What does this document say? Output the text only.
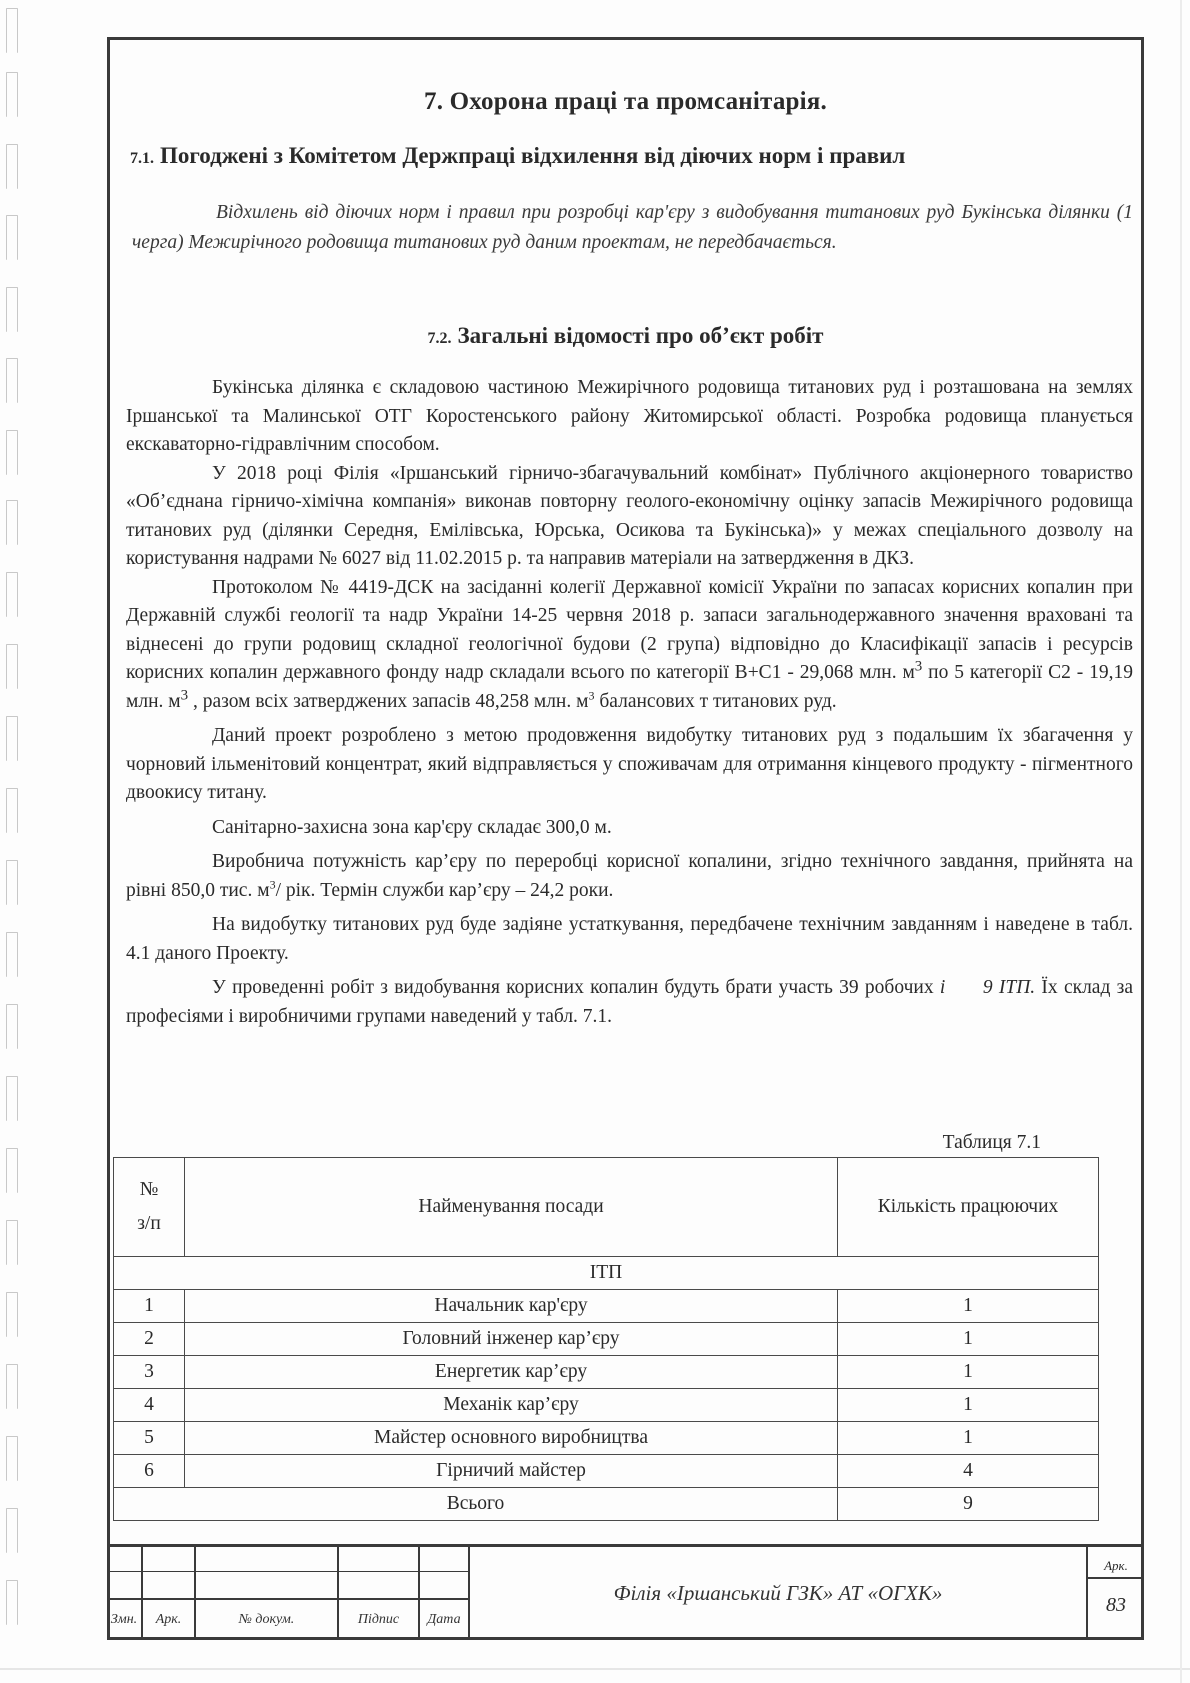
7. Охорона праці та промсанітарія.
7.1. Погоджені з Комітетом Держпраці відхилення від діючих норм і правил
Відхилень від діючих норм і правил при розробці кар'єру з видобування титанових руд Букінська ділянки (1 черга) Межирічного родовища титанових руд даним проектам, не передбачається.
7.2. Загальні відомості про об’єкт робіт

Букінська ділянка є складовою частиною Межирічного родовища титанових руд і розташована на землях Іршанської та Малинської ОТГ Коростенського району Житомирської області. Розробка родовища планується екскаваторно-гідравлічним способом.

У 2018 році Філія «Іршанський гірничо-збагачувальний комбінат» Публічного акціонерного товариство «Об’єднана гірничо-хімічна компанія» виконав повторну геолого-економічну оцінку запасів Межирічного родовища титанових руд (ділянки Середня, Емілівська, Юрська, Осикова та Букінська)» у межах спеціального дозволу на користування надрами № 6027 від 11.02.2015 р. та направив матеріали на затвердження в ДКЗ.

Протоколом № 4419-ДСК на засіданні колегії Державної комісії України по запасах корисних копалин при Державній службі геології та надр України 14-25 червня 2018 р. запаси загальнодержавного значення враховані та віднесені до групи родовищ складної геологічної будови (2 група) відповідно до Класифікації запасів і ресурсів корисних копалин державного фонду надр складали всього по категорії В+С1 - 29,068 млн. $м^3$ по 5 категорії С2 - 19,19 млн. $м^3$ , разом всіх затверджених запасів 48,258 млн. $м^3$ балансових т титанових руд.

Даний проект розроблено з метою продовження видобутку титанових руд з подальшим їх збагачення у чорновий ільменітовий концентрат, який відправляється у споживачам для отримання кінцевого продукту - пігментного двоокису титану.

Санітарно-захисна зона кар'єру складає 300,0 м.

Виробнича потужність кар’єру по переробці корисної копалини, згідно технічного завдання, прийнята на рівні 850,0 тис. $м^3/$ рік. Термін служби кар’єру – 24,2 роки.

На видобутку титанових руд буде задіяне устаткування, передбачене технічним завданням і наведене в табл. 4.1 даного Проекту.

У проведенні робіт з видобування корисних копалин будуть брати участь 39 робочих і      9 ІТП. Їх склад за професіями і виробничими групами наведений у табл. 7.1.

Таблиця 7.1
№
з/п	Найменування посади	Кількість працюючих
ІТП		
1	Начальник кар'єру	1
2	Головний інженер кар’єру	1
3	Енергетик кар’єру	1
4	Механік кар’єру	1
5	Майстер основного виробництва	1
6	Гірничий майстер	4
Всього		9
Змн.	Арк.	№ докум.	Підпис	Дата
Філія «Іршанський ГЗК» АТ «ОГХК»
Арк.
83
